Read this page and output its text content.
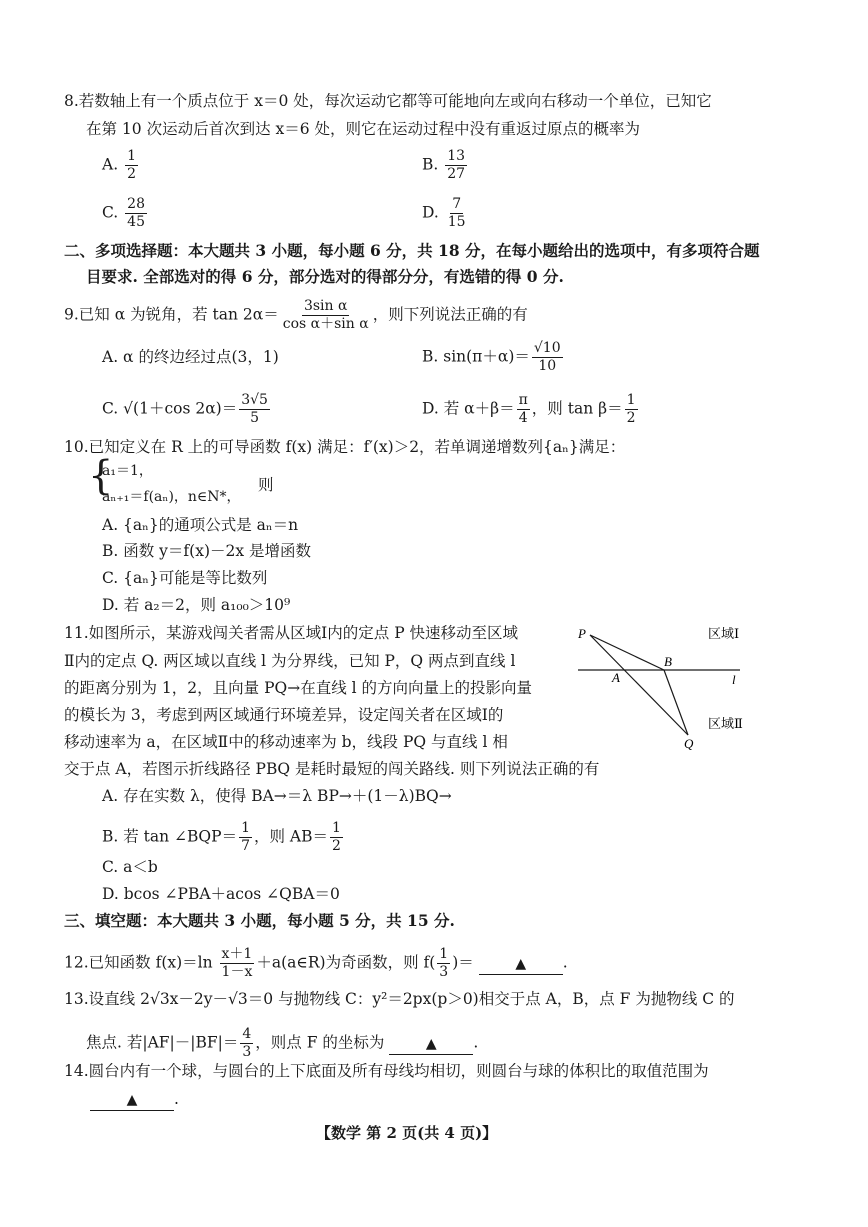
8.若数轴上有一个质点位于 x＝0 处，每次运动它都等可能地向左或向右移动一个单位，已知它
在第 10 次运动后首次到达 x＝6 处，则它在运动过程中没有重返过原点的概率为
A. $\frac{1}{2}$	B. $\frac{13}{27}$
C. $\frac{28}{45}$	D. $\frac{7}{15}$
二、多项选择题：本大题共 3 小题，每小题 6 分，共 18 分，在每小题给出的选项中，有多项符合题
目要求. 全部选对的得 6 分，部分选对的得部分分，有选错的得 0 分.
9.已知 α 为锐角，若 $\tan 2\alpha= \frac{\text{3sin α}}{\text{cos α＋sin α}}$ ，则下列说法正确的有
A. α 的终边经过点(3，1)	B. $\sin(\pi+\alpha)= \frac{√10}{10}$
C. √(1＋cos $2\alpha)= \frac{3√5}{5}$	D. 若 $\alpha+\beta= \frac{\pi}{4}$ ，则 $\tan \beta= \frac{1}{2}$
10.已知定义在 R 上的可导函数 f(x) 满足：f′(x)＞2，若单调递增数列{aₙ}满足：
{
a₁＝1，
aₙ₊₁＝f(aₙ)，n∈N*，
则
A. {aₙ}的通项公式是 aₙ＝n
B. 函数 y＝f(x)－2x 是增函数
C. {aₙ}可能是等比数列
D. 若 a₂＝2，则 a₁₀₀＞10⁹
11.如图所示，某游戏闯关者需从区域Ⅰ内的定点 P 快速移动至区域
Ⅱ内的定点 Q. 两区域以直线 l 为分界线，已知 P，Q 两点到直线 l
的距离分别为 1，2，且向量 PQ→在直线 l 的方向向量上的投影向量
的模长为 3，考虑到两区域通行环境差异，设定闯关者在区域Ⅰ的
移动速率为 a，在区域Ⅱ中的移动速率为 b，线段 PQ 与直线 l 相
交于点 A，若图示折线路径 PBQ 是耗时最短的闯关路线. 则下列说法正确的有
P
Q
A
B
l
区域Ⅰ
区域Ⅱ
A. 存在实数 λ，使得 BA→＝λ BP→＋(1－λ)BQ→
B. 若 tan ∠BQP＝ $\frac{1}{7}$ ，则 $AB= \frac{1}{2}$
C. a＜b
D. bcos ∠PBA＋acos ∠QBA＝0
三、填空题：本大题共 3 小题，每小题 5 分，共 15 分.
12.已知函数 $f(x)=\ln \frac{x+1}{1-x}$ ＋a(a∈R)为奇函数，则 $f( \frac{1}{3}$ )＝	▲ .
13.设直线 2√3x－2y－√3＝0 与抛物线 C：y²＝2px(p＞0)相交于点 A，B，点 F 为抛物线 C 的
焦点. 若$|AF|-|BF|= \frac{4}{3}$ ，则点 F 的坐标为	▲ .
14.圆台内有一个球，与圆台的上下底面及所有母线均相切，则圆台与球的体积比的取值范围为
▲ .
【数学 第 2 页(共 4 页)】
